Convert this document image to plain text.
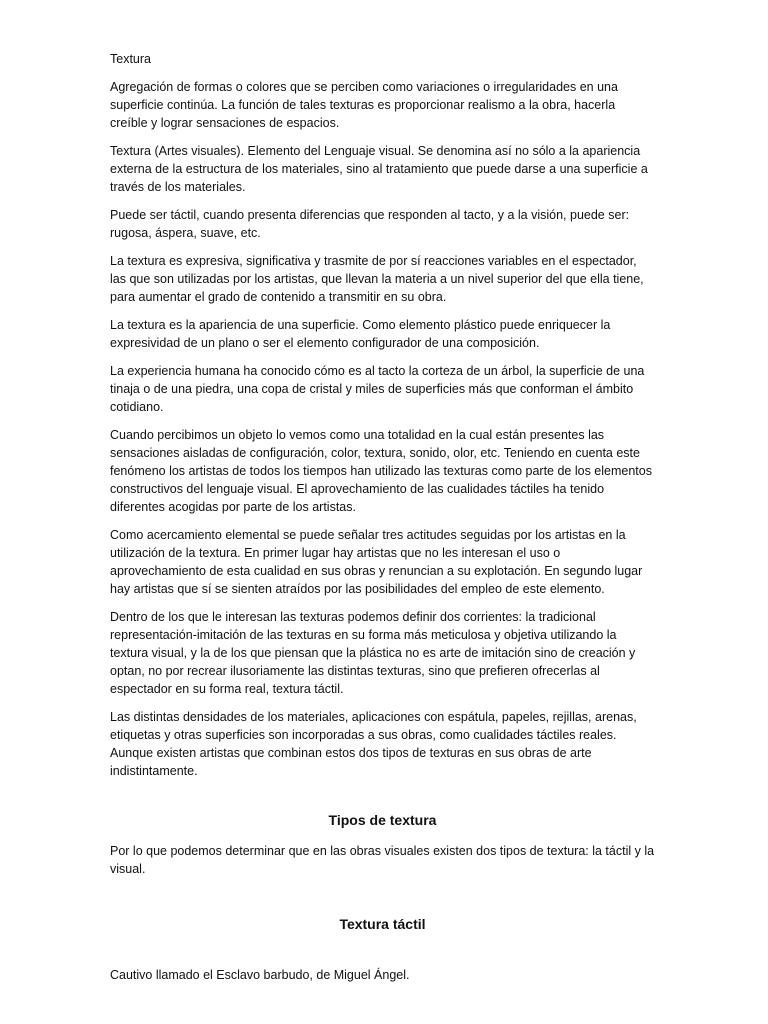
Textura

Agregación de formas o colores que se perciben como variaciones o irregularidades en una superficie continúa. La función de tales texturas es proporcionar realismo a la obra, hacerla creíble y lograr sensaciones de espacios.

Textura (Artes visuales). Elemento del Lenguaje visual. Se denomina así no sólo a la apariencia externa de la estructura de los materiales, sino al tratamiento que puede darse a una superficie a través de los materiales.

Puede ser táctil, cuando presenta diferencias que responden al tacto, y a la visión, puede ser: rugosa, áspera, suave, etc.

La textura es expresiva, significativa y trasmite de por sí reacciones variables en el espectador, las que son utilizadas por los artistas, que llevan la materia a un nivel superior del que ella tiene, para aumentar el grado de contenido a transmitir en su obra.

La textura es la apariencia de una superficie. Como elemento plástico puede enriquecer la expresividad de un plano o ser el elemento configurador de una composición.

La experiencia humana ha conocido cómo es al tacto la corteza de un árbol, la superficie de una tinaja o de una piedra, una copa de cristal y miles de superficies más que conforman el ámbito cotidiano.

Cuando percibimos un objeto lo vemos como una totalidad en la cual están presentes las sensaciones aisladas de configuración, color, textura, sonido, olor, etc. Teniendo en cuenta este fenómeno los artistas de todos los tiempos han utilizado las texturas como parte de los elementos constructivos del lenguaje visual. El aprovechamiento de las cualidades táctiles ha tenido diferentes acogidas por parte de los artistas.

Como acercamiento elemental se puede señalar tres actitudes seguidas por los artistas en la utilización de la textura. En primer lugar hay artistas que no les interesan el uso o aprovechamiento de esta cualidad en sus obras y renuncian a su explotación. En segundo lugar hay artistas que sí se sienten atraídos por las posibilidades del empleo de este elemento.

Dentro de los que le interesan las texturas podemos definir dos corrientes: la tradicional representación-imitación de las texturas en su forma más meticulosa y objetiva utilizando la textura visual, y la de los que piensan que la plástica no es arte de imitación sino de creación y optan, no por recrear ilusoriamente las distintas texturas, sino que prefieren ofrecerlas al espectador en su forma real, textura táctil.

Las distintas densidades de los materiales, aplicaciones con espátula, papeles, rejillas, arenas, etiquetas y otras superficies son incorporadas a sus obras, como cualidades táctiles reales. Aunque existen artistas que combinan estos dos tipos de texturas en sus obras de arte indistintamente.

Tipos de textura

Por lo que podemos determinar que en las obras visuales existen dos tipos de textura: la táctil y la visual.

Textura táctil

Cautivo llamado el Esclavo barbudo, de Miguel Ángel.
